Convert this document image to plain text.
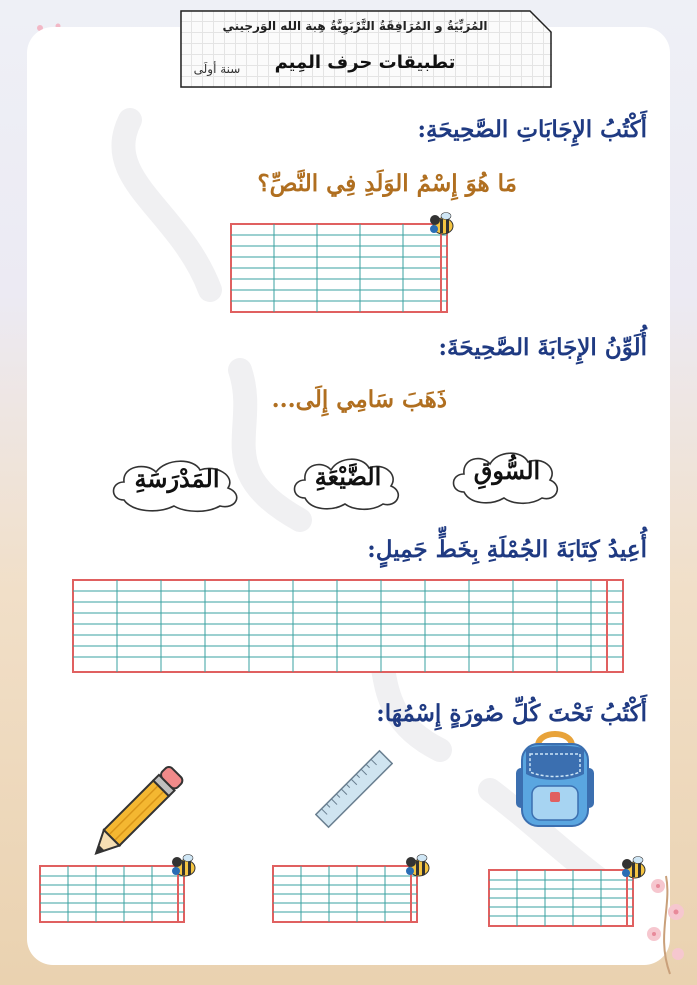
المُرَبِّيَةُ و المُرَافِقَةُ التَّرْبَوِيَّةُ هِبة الله الوَرجيني
تطبيقات حرف المِيم
سنة أولَى
أَكْتُبُ الإِجَابَاتِ الصَّحِيحَةِ:
مَا هُوَ إِسْمُ الوَلَدِ فِي النَّصِّ؟
أُلَوِّنُ الإِجَابَةَ الصَّحِيحَةَ:
ذَهَبَ سَامِي إِلَى...
السُّوقِ
الضَّيْعَةِ
المَدْرَسَةِ
أُعِيدُ كِتَابَةَ الجُمْلَةِ بِخَطٍّ جَمِيلٍ:
أَكْتُبُ تَحْتَ كُلِّ صُورَةٍ إِسْمُهَا:
